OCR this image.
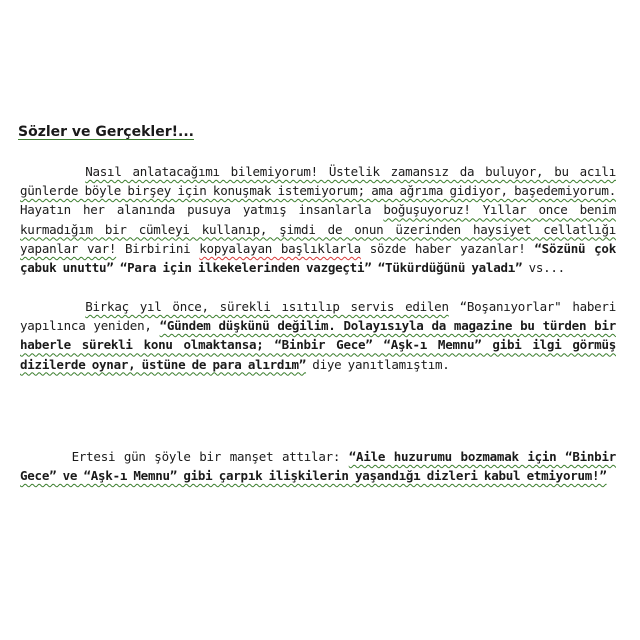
Sözler ve Gerçekler!...
Nasıl anlatacağımı bilemiyorum! Üstelik zamansız da buluyor, bu acılı günlerde böyle birşey için konuşmak istemiyorum; ama ağrıma gidiyor, başedemiyorum. Hayatın her alanında pusuya yatmış insanlarla boğuşuyoruz! Yıllar once benim kurmadığım bir cümleyi kullanıp, şimdi de onun üzerinden haysiyet cellatlığı yapanlar var! Birbirini kopyalayan başlıklarla sözde haber yazanlar! “Sözünü çok çabuk unuttu” “Para için ilkekelerinden vazgeçti” “Tükürdüğünü yaladı” vs...
Birkaç yıl önce, sürekli ısıtılıp servis edilen “Boşanıyorlar" haberi yapılınca yeniden, “Gündem düşkünü değilim. Dolayısıyla da magazine bu türden bir haberle sürekli konu olmaktansa; “Binbir Gece” “Aşk-ı Memnu” gibi ilgi görmüş dizilerde oynar, üstüne de para alırdım” diye yanıtlamıştım.
Ertesi gün şöyle bir manşet attılar: “Aile huzurumu bozmamak için “Binbir Gece” ve “Aşk-ı Memnu” gibi çarpık ilişkilerin yaşandığı dizleri kabul etmiyorum!”
